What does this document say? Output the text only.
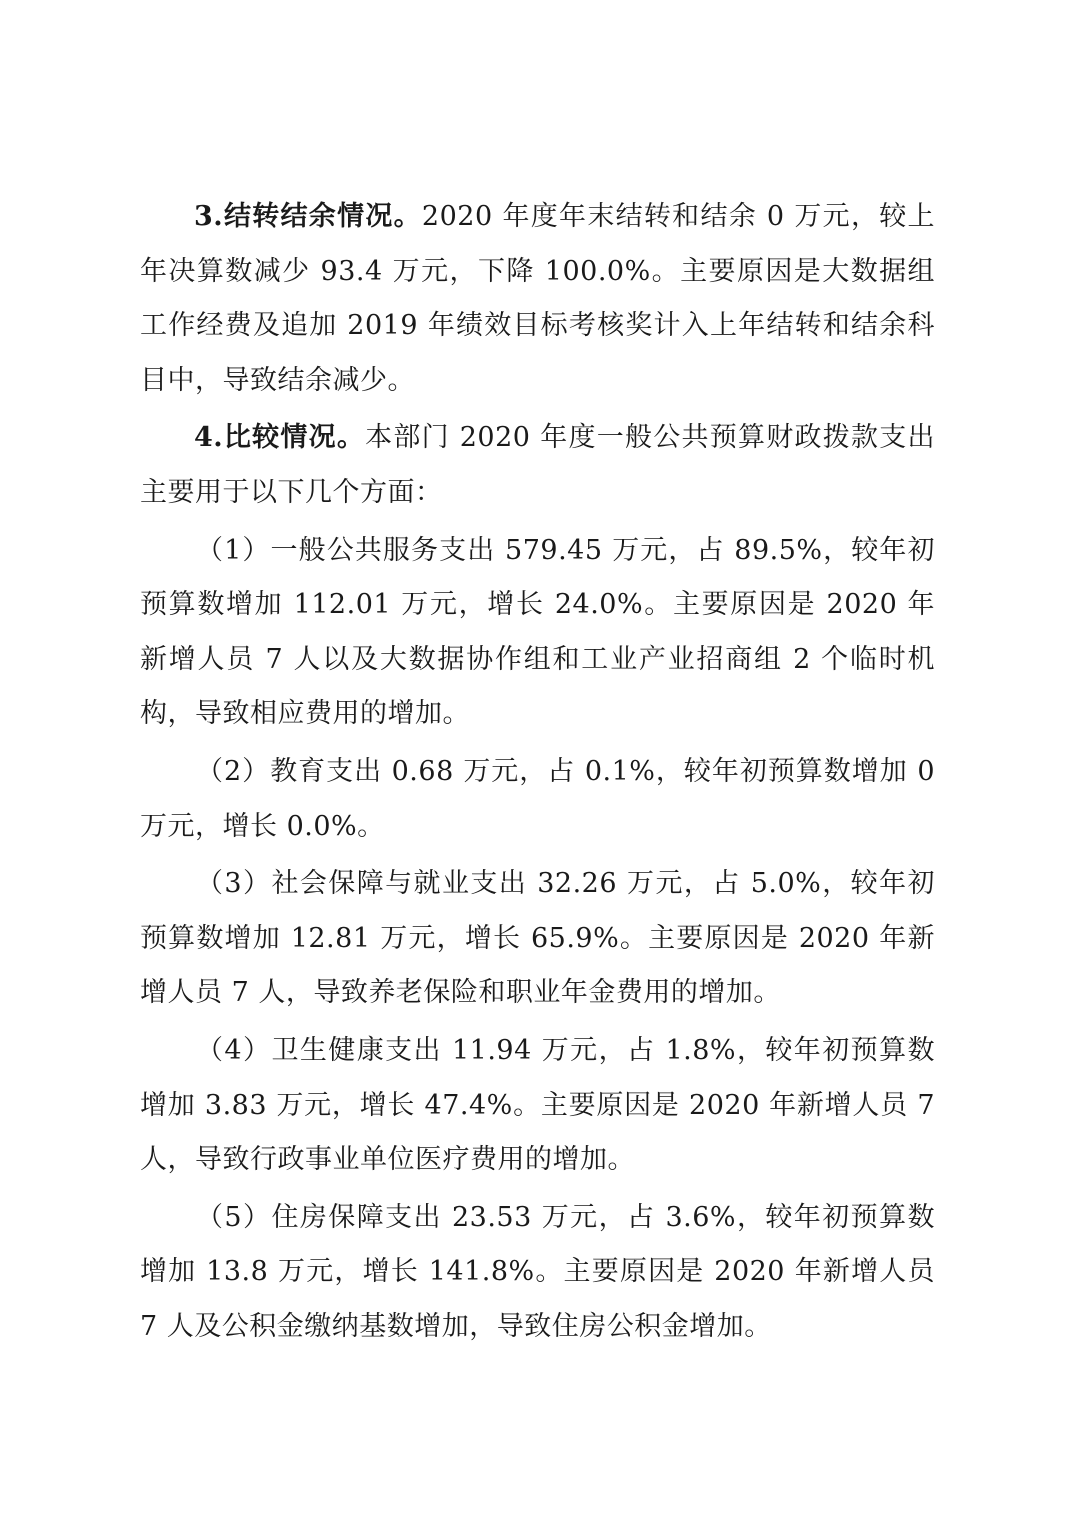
3.结转结余情况。2020 年度年末结转和结余 0 万元，较上年决算数减少 93.4 万元，下降 100.0%。主要原因是大数据组工作经费及追加 2019 年绩效目标考核奖计入上年结转和结余科目中，导致结余减少。

4.比较情况。本部门 2020 年度一般公共预算财政拨款支出主要用于以下几个方面：

（1）一般公共服务支出 579.45 万元，占 89.5%，较年初预算数增加 112.01 万元，增长 24.0%。主要原因是 2020 年新增人员 7 人以及大数据协作组和工业产业招商组 2 个临时机构，导致相应费用的增加。

（2）教育支出 0.68 万元，占 0.1%，较年初预算数增加 0 万元，增长 0.0%。

（3）社会保障与就业支出 32.26 万元，占 5.0%，较年初预算数增加 12.81 万元，增长 65.9%。主要原因是 2020 年新增人员 7 人，导致养老保险和职业年金费用的增加。

（4）卫生健康支出 11.94 万元，占 1.8%，较年初预算数增加 3.83 万元，增长 47.4%。主要原因是 2020 年新增人员 7 人，导致行政事业单位医疗费用的增加。

（5）住房保障支出 23.53 万元，占 3.6%，较年初预算数增加 13.8 万元，增长 141.8%。主要原因是 2020 年新增人员 7 人及公积金缴纳基数增加，导致住房公积金增加。
